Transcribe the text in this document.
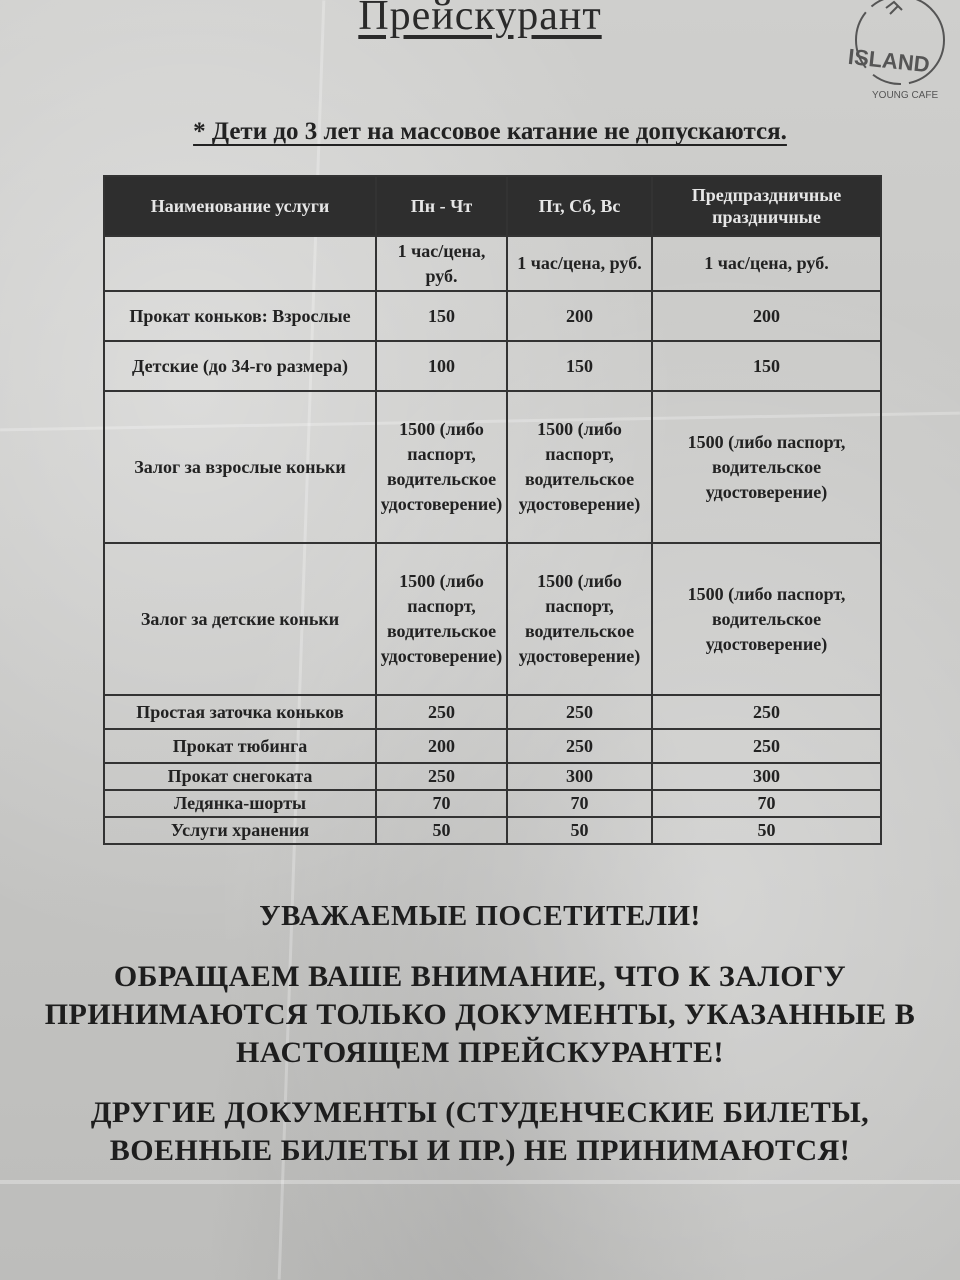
Прейскурант
ISLAND
YOUNG CAFE
* Дети до 3 лет на массовое катание не допускаются.
Наименование услуги	Пн - Чт	Пт, Сб, Вс	Предпраздничные праздничные
	1 час/цена, руб.	1 час/цена, руб.	1 час/цена, руб.
Прокат коньков: Взрослые	150	200	200
Детские (до 34-го размера)	100	150	150
Залог за взрослые коньки	1500 (либо паспорт, водительское удостоверение)	1500 (либо паспорт, водительское удостоверение)	1500 (либо паспорт, водительское удостоверение)
Залог за детские коньки	1500 (либо паспорт, водительское удостоверение)	1500 (либо паспорт, водительское удостоверение)	1500 (либо паспорт, водительское удостоверение)
Простая заточка коньков	250	250	250
Прокат тюбинга	200	250	250
Прокат снегоката	250	300	300
Ледянка-шорты	70	70	70
Услуги хранения	50	50	50
УВАЖАЕМЫЕ ПОСЕТИТЕЛИ!
ОБРАЩАЕМ ВАШЕ ВНИМАНИЕ, ЧТО К ЗАЛОГУ ПРИНИМАЮТСЯ ТОЛЬКО ДОКУМЕНТЫ, УКАЗАННЫЕ В НАСТОЯЩЕМ ПРЕЙСКУРАНТЕ!
ДРУГИЕ ДОКУМЕНТЫ (СТУДЕНЧЕСКИЕ БИЛЕТЫ, ВОЕННЫЕ БИЛЕТЫ И ПР.) НЕ ПРИНИМАЮТСЯ!
